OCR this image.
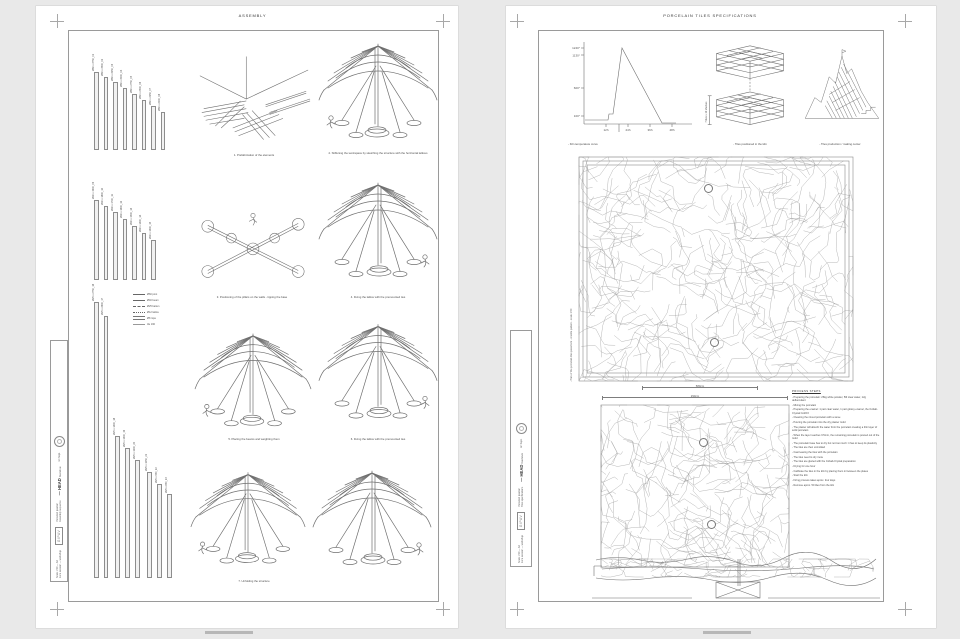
ASSEMBLY
Ø60 x 3750_01	Ø60 x 3500_02	Ø60 x 3250_03	Ø60 x 3000_04	Ø60 x 2750_05	Ø60 x 2500_06	Ø60 x 2250_07	Ø60 x 2000_08
Ø40 x 1900_09	Ø40 x 1800_10	Ø40 x 1700_11	Ø40 x 1600_12	Ø40 x 1500_13	Ø40 x 1400_14	Ø40 x 1300_15
Ø25 x 2750_16
Ø25 x 2600_17
Ø25 x 1400_18
Ø25 x 1300_19
Ø25 x 1200_20
Ø25 x 1050_21
Ø25 x 950_22
Ø25 x 850_23
Ø60 post
Ø40 beam
Ø25 batten
Ø12 lattice
Ø8 rope
tile 190
1. Prefabrication of the elements	2. Stiffening the workspace by sketching the structure with the horizontal lattices
3. Positioning of the pillars on the walls - tipping the base	4. Fixing the lattice with the premounted ties
5. Placing the beams and weighting them	6. Fixing the lattice with the premounted ties
7. Unfolding the structure
Scale 1:50 — A0 June session — workshop
GIPAV
Porcelain pavilion Assembly sequence
— HEAD Genève
En Sept.
PORCELAIN TILES SPECIFICATIONS
1240°
1130°
600°
100°
12h	24h	36h	48h
- Kiln temperature curve
7 tiles x 10 shelves
- Tiles positioned in the kiln	- Tiles production / making center
- Plan of the porcelain tiles pavement - crackle pattern - scale 1:50
580cm
290cm
PROCESS STEPS
- Preparing the porcelain: 25kg white powder, 50l clear water, 12g deflocculant
- Mixing the porcelain
- Preparing the enamel: 1 part clear water, 1 part glossy enamel, the Cobalt-Crystal Co2O3
- Cleaning the mixed porcelain with a sieve
- Pouring the porcelain into the dry plaster mold
- The plaster will absorb the water from the porcelain creating a thin layer of solid porcelain
- When the layer reaches 3.5mm, the remaining porcelain is poured out of the mold
- The porcelain base has to dry but not too much: it has to keep its plasticity
- The tiles are then unmolded
- Cast leaving the tiles with the porcelain
- The tiles need to dry more
- The tiles are glazed with the Cobalt-Crystal preparation
- Drying for one hour
- Calibrate the tiles in the kiln by placing them in between the plates
- Start the kiln
- Firing process takes aprox. four days
- Remove aprox. 50 tiles from the kiln
Scale 1:50 — A0 June session — workshop
GIPAV
Porcelain pavilion Tiles specifications
— HEAD Genève
En Sept.
